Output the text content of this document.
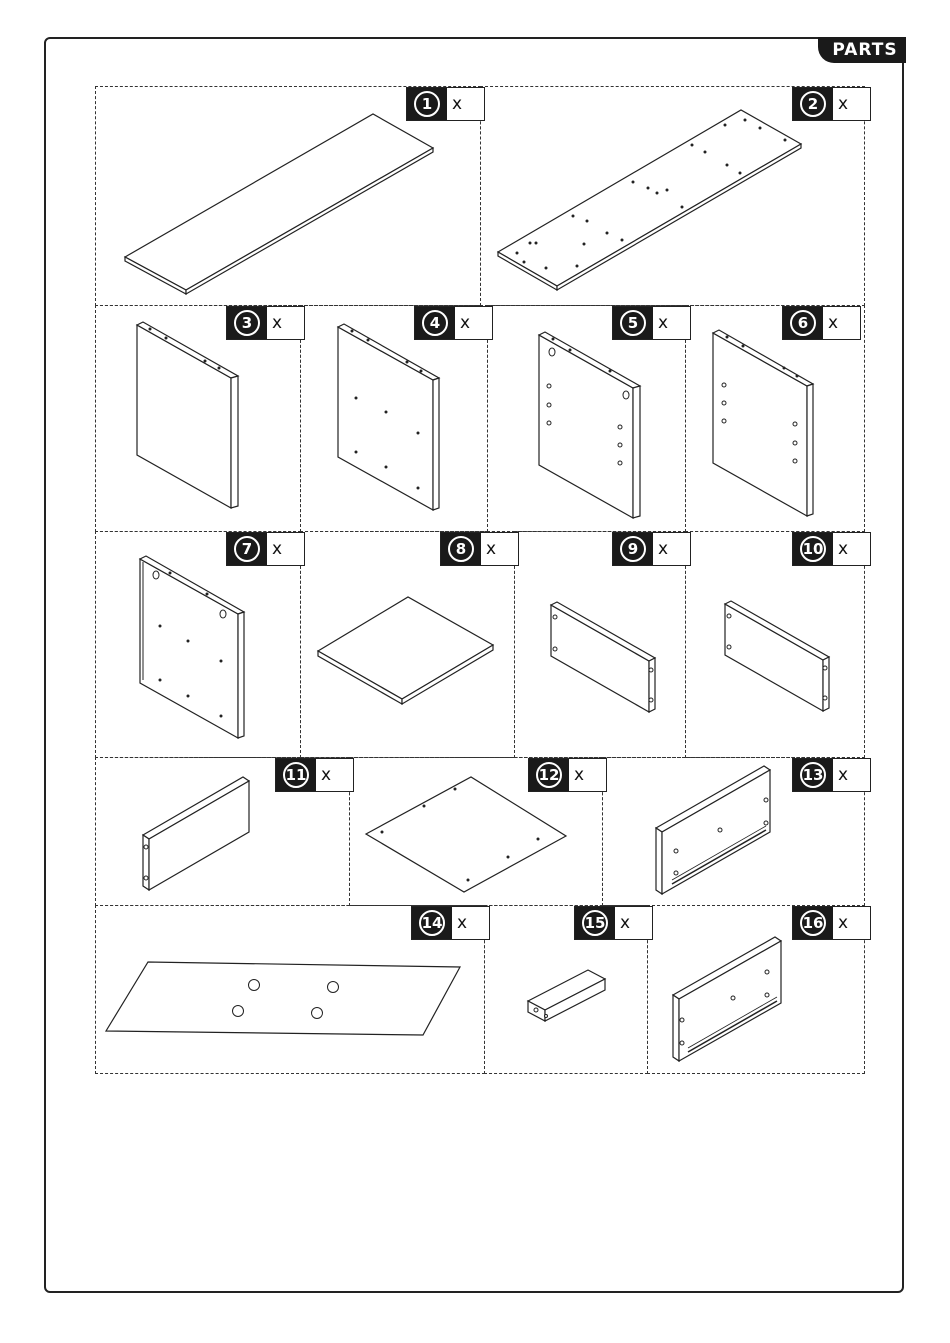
PARTS
1	x	2	x
3	x	4	x	5	x	6	x
7	x	8	x	9	x	10 x
11 x	12 x	13 x
14 x	15 x	16 x
